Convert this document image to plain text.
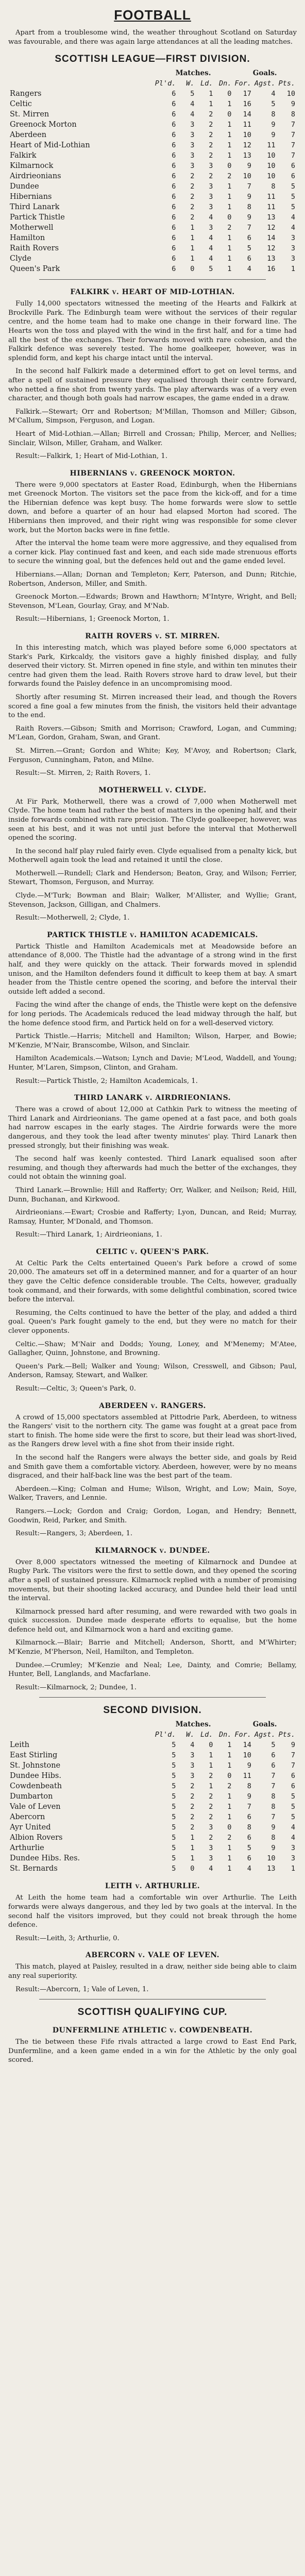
FOOTBALL

Apart from a troublesome wind, the weather throughout Scotland on Saturday was favourable, and there was again large attendances at all the leading matches.

SCOTTISH LEAGUE—FIRST DIVISION.
	Matches.				Goals.		
	Pl'd.	W.	Ld.	Dn.	For.	Agst.	Pts.
Rangers	6	5	1	0	17	4	10
Celtic	6	4	1	1	16	5	9
St. Mirren	6	4	2	0	14	8	8
Greenock Morton	6	3	2	1	11	9	7
Aberdeen	6	3	2	1	10	9	7
Heart of Mid-Lothian	6	3	2	1	12	11	7
Falkirk	6	3	2	1	13	10	7
Kilmarnock	6	3	3	0	9	10	6
Airdrieonians	6	2	2	2	10	10	6
Dundee	6	2	3	1	7	8	5
Hibernians	6	2	3	1	9	11	5
Third Lanark	6	2	3	1	8	11	5
Partick Thistle	6	2	4	0	9	13	4
Motherwell	6	1	3	2	7	12	4
Hamilton	6	1	4	1	6	14	3
Raith Rovers	6	1	4	1	5	12	3
Clyde	6	1	4	1	6	13	3
Queen's Park	6	0	5	1	4	16	1
FALKIRK v. HEART OF MID-LOTHIAN.

Fully 14,000 spectators witnessed the meeting of the Hearts and Falkirk at Brockville Park. The Edinburgh team were without the services of their regular centre, and the home team had to make one change in their forward line. The Hearts won the toss and played with the wind in the first half, and for a time had all the best of the exchanges. Their forwards moved with rare cohesion, and the Falkirk defence was severely tested. The home goalkeeper, however, was in splendid form, and kept his charge intact until the interval.

In the second half Falkirk made a determined effort to get on level terms, and after a spell of sustained pressure they equalised through their centre forward, who netted a fine shot from twenty yards. The play afterwards was of a very even character, and though both goals had narrow escapes, the game ended in a draw.

Falkirk.—Stewart; Orr and Robertson; M'Millan, Thomson and Miller; Gibson, M'Callum, Simpson, Ferguson, and Logan.

Heart of Mid-Lothian.—Allan; Birrell and Crossan; Philip, Mercer, and Nellies; Sinclair, Wilson, Miller, Graham, and Walker.

Result:—Falkirk, 1; Heart of Mid-Lothian, 1.

HIBERNIANS v. GREENOCK MORTON.

There were 9,000 spectators at Easter Road, Edinburgh, when the Hibernians met Greenock Morton. The visitors set the pace from the kick-off, and for a time the Hibernian defence was kept busy. The home forwards were slow to settle down, and before a quarter of an hour had elapsed Morton had scored. The Hibernians then improved, and their right wing was responsible for some clever work, but the Morton backs were in fine fettle.

After the interval the home team were more aggressive, and they equalised from a corner kick. Play continued fast and keen, and each side made strenuous efforts to secure the winning goal, but the defences held out and the game ended level.

Hibernians.—Allan; Dornan and Templeton; Kerr, Paterson, and Dunn; Ritchie, Robertson, Anderson, Miller, and Smith.

Greenock Morton.—Edwards; Brown and Hawthorn; M'Intyre, Wright, and Bell; Stevenson, M'Lean, Gourlay, Gray, and M'Nab.

Result:—Hibernians, 1; Greenock Morton, 1.

RAITH ROVERS v. ST. MIRREN.

In this interesting match, which was played before some 6,000 spectators at Stark's Park, Kirkcaldy, the visitors gave a highly finished display, and fully deserved their victory. St. Mirren opened in fine style, and within ten minutes their centre had given them the lead. Raith Rovers strove hard to draw level, but their forwards found the Paisley defence in an uncompromising mood.

Shortly after resuming St. Mirren increased their lead, and though the Rovers scored a fine goal a few minutes from the finish, the visitors held their advantage to the end.

Raith Rovers.—Gibson; Smith and Morrison; Crawford, Logan, and Cumming; M'Lean, Gordon, Graham, Swan, and Grant.

St. Mirren.—Grant; Gordon and White; Key, M'Avoy, and Robertson; Clark, Ferguson, Cunningham, Paton, and Milne.

Result:—St. Mirren, 2; Raith Rovers, 1.

MOTHERWELL v. CLYDE.

At Fir Park, Motherwell, there was a crowd of 7,000 when Motherwell met Clyde. The home team had rather the best of matters in the opening half, and their inside forwards combined with rare precision. The Clyde goalkeeper, however, was seen at his best, and it was not until just before the interval that Motherwell opened the scoring.

In the second half play ruled fairly even. Clyde equalised from a penalty kick, but Motherwell again took the lead and retained it until the close.

Motherwell.—Rundell; Clark and Henderson; Beaton, Gray, and Wilson; Ferrier, Stewart, Thomson, Ferguson, and Murray.

Clyde.—M'Turk; Bowman and Blair; Walker, M'Allister, and Wyllie; Grant, Stevenson, Jackson, Gilligan, and Chalmers.

Result:—Motherwell, 2; Clyde, 1.

PARTICK THISTLE v. HAMILTON ACADEMICALS.

Partick Thistle and Hamilton Academicals met at Meadowside before an attendance of 8,000. The Thistle had the advantage of a strong wind in the first half, and they were quickly on the attack. Their forwards moved in splendid unison, and the Hamilton defenders found it difficult to keep them at bay. A smart header from the Thistle centre opened the scoring, and before the interval their outside left added a second.

Facing the wind after the change of ends, the Thistle were kept on the defensive for long periods. The Academicals reduced the lead midway through the half, but the home defence stood firm, and Partick held on for a well-deserved victory.

Partick Thistle.—Harris; Mitchell and Hamilton; Wilson, Harper, and Bowie; M'Kenzie, M'Nair, Branscombe, Wilson, and Sinclair.

Hamilton Academicals.—Watson; Lynch and Davie; M'Leod, Waddell, and Young; Hunter, M'Laren, Simpson, Clinton, and Graham.

Result:—Partick Thistle, 2; Hamilton Academicals, 1.

THIRD LANARK v. AIRDRIEONIANS.

There was a crowd of about 12,000 at Cathkin Park to witness the meeting of Third Lanark and Airdrieonians. The game opened at a fast pace, and both goals had narrow escapes in the early stages. The Airdrie forwards were the more dangerous, and they took the lead after twenty minutes' play. Third Lanark then pressed strongly, but their finishing was weak.

The second half was keenly contested. Third Lanark equalised soon after resuming, and though they afterwards had much the better of the exchanges, they could not obtain the winning goal.

Third Lanark.—Brownlie; Hill and Rafferty; Orr, Walker, and Neilson; Reid, Hill, Dunn, Buchanan, and Kirkwood.

Airdrieonians.—Ewart; Crosbie and Rafferty; Lyon, Duncan, and Reid; Murray, Ramsay, Hunter, M'Donald, and Thomson.

Result:—Third Lanark, 1; Airdrieonians, 1.

CELTIC v. QUEEN'S PARK.

At Celtic Park the Celts entertained Queen's Park before a crowd of some 20,000. The amateurs set off in a determined manner, and for a quarter of an hour they gave the Celtic defence considerable trouble. The Celts, however, gradually took command, and their forwards, with some delightful combination, scored twice before the interval.

Resuming, the Celts continued to have the better of the play, and added a third goal. Queen's Park fought gamely to the end, but they were no match for their clever opponents.

Celtic.—Shaw; M'Nair and Dodds; Young, Loney, and M'Menemy; M'Atee, Gallagher, Quinn, Johnstone, and Browning.

Queen's Park.—Bell; Walker and Young; Wilson, Cresswell, and Gibson; Paul, Anderson, Ramsay, Stewart, and Walker.

Result:—Celtic, 3; Queen's Park, 0.

ABERDEEN v. RANGERS.

A crowd of 15,000 spectators assembled at Pittodrie Park, Aberdeen, to witness the Rangers' visit to the northern city. The game was fought at a great pace from start to finish. The home side were the first to score, but their lead was short-lived, as the Rangers drew level with a fine shot from their inside right.

In the second half the Rangers were always the better side, and goals by Reid and Smith gave them a comfortable victory. Aberdeen, however, were by no means disgraced, and their half-back line was the best part of the team.

Aberdeen.—King; Colman and Hume; Wilson, Wright, and Low; Main, Soye, Walker, Travers, and Lennie.

Rangers.—Lock; Gordon and Craig; Gordon, Logan, and Hendry; Bennett, Goodwin, Reid, Parker, and Smith.

Result:—Rangers, 3; Aberdeen, 1.

KILMARNOCK v. DUNDEE.

Over 8,000 spectators witnessed the meeting of Kilmarnock and Dundee at Rugby Park. The visitors were the first to settle down, and they opened the scoring after a spell of sustained pressure. Kilmarnock replied with a number of promising movements, but their shooting lacked accuracy, and Dundee held their lead until the interval.

Kilmarnock pressed hard after resuming, and were rewarded with two goals in quick succession. Dundee made desperate efforts to equalise, but the home defence held out, and Kilmarnock won a hard and exciting game.

Kilmarnock.—Blair; Barrie and Mitchell; Anderson, Shortt, and M'Whirter; M'Kenzie, M'Pherson, Neil, Hamilton, and Templeton.

Dundee.—Crumley; M'Kenzie and Neal; Lee, Dainty, and Comrie; Bellamy, Hunter, Bell, Langlands, and Macfarlane.

Result:—Kilmarnock, 2; Dundee, 1.

SECOND DIVISION.
	Matches.				Goals.		
	Pl'd.	W.	Ld.	Dn.	For.	Agst.	Pts.
Leith	5	4	0	1	14	5	9
East Stirling	5	3	1	1	10	6	7
St. Johnstone	5	3	1	1	9	6	7
Dundee Hibs.	5	3	2	0	11	7	6
Cowdenbeath	5	2	1	2	8	7	6
Dumbarton	5	2	2	1	9	8	5
Vale of Leven	5	2	2	1	7	8	5
Abercorn	5	2	2	1	6	7	5
Ayr United	5	2	3	0	8	9	4
Albion Rovers	5	1	2	2	6	8	4
Arthurlie	5	1	3	1	5	9	3
Dundee Hibs. Res.	5	1	3	1	6	10	3
St. Bernards	5	0	4	1	4	13	1
LEITH v. ARTHURLIE.

At Leith the home team had a comfortable win over Arthurlie. The Leith forwards were always dangerous, and they led by two goals at the interval. In the second half the visitors improved, but they could not break through the home defence.

Result:—Leith, 3; Arthurlie, 0.

ABERCORN v. VALE OF LEVEN.

This match, played at Paisley, resulted in a draw, neither side being able to claim any real superiority.

Result:—Abercorn, 1; Vale of Leven, 1.

SCOTTISH QUALIFYING CUP.
DUNFERMLINE ATHLETIC v. COWDENBEATH.

The tie between these Fife rivals attracted a large crowd to East End Park, Dunfermline, and a keen game ended in a win for the Athletic by the only goal scored.
